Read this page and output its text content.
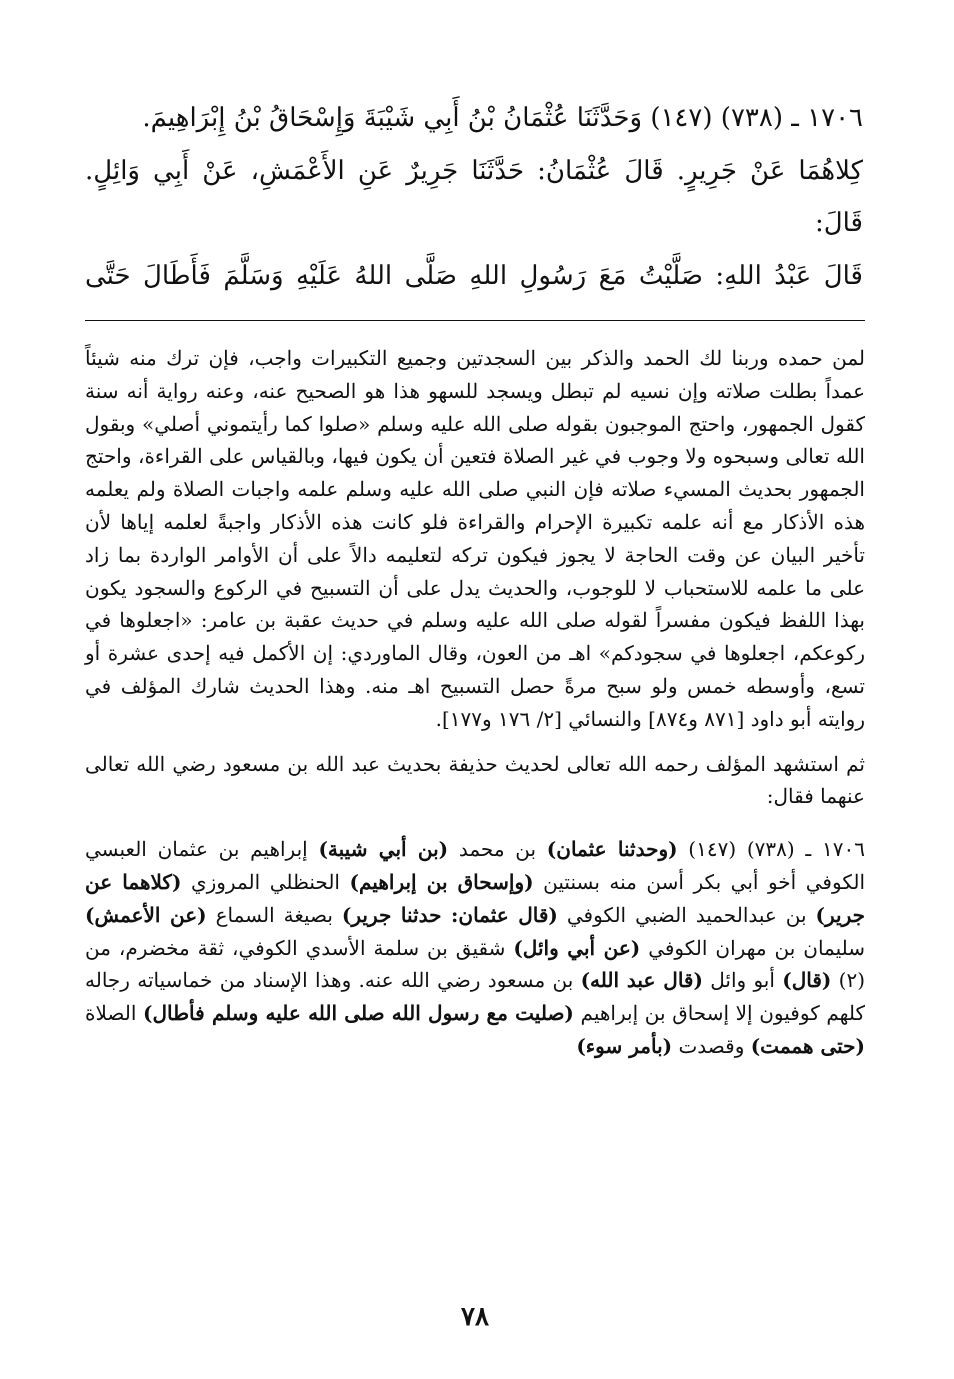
١٧٠٦ ـ (٧٣٨) (١٤٧) وَحَدَّثَنَا عُثْمَانُ بْنُ أَبِي شَيْبَةَ وَإِسْحَاقُ بْنُ إِبْرَاهِيمَ.

كِلاهُمَا عَنْ جَرِيرٍ. قَالَ عُثْمَانُ: حَدَّثَنَا جَرِيرٌ عَنِ الأَعْمَشِ، عَنْ أَبِي وَائِلٍ. قَالَ:

قَالَ عَبْدُ اللهِ: صَلَّيْتُ مَعَ رَسُولِ اللهِ صَلَّى اللهُ عَلَيْهِ وَسَلَّمَ فَأَطَالَ حَتَّى

لمن حمده وربنا لك الحمد والذكر بين السجدتين وجميع التكبيرات واجب، فإن ترك منه شيئاً عمداً بطلت صلاته وإن نسيه لم تبطل ويسجد للسهو هذا هو الصحيح عنه، وعنه رواية أنه سنة كقول الجمهور، واحتج الموجبون بقوله صلى الله عليه وسلم «صلوا كما رأيتموني أصلي» وبقول الله تعالى وسبحوه ولا وجوب في غير الصلاة فتعين أن يكون فيها، وبالقياس على القراءة، واحتج الجمهور بحديث المسيء صلاته فإن النبي صلى الله عليه وسلم علمه واجبات الصلاة ولم يعلمه هذه الأذكار مع أنه علمه تكبيرة الإحرام والقراءة فلو كانت هذه الأذكار واجبةً لعلمه إياها لأن تأخير البيان عن وقت الحاجة لا يجوز فيكون تركه لتعليمه دالاً على أن الأوامر الواردة بما زاد على ما علمه للاستحباب لا للوجوب، والحديث يدل على أن التسبيح في الركوع والسجود يكون بهذا اللفظ فيكون مفسراً لقوله صلى الله عليه وسلم في حديث عقبة بن عامر: «اجعلوها في ركوعكم، اجعلوها في سجودكم» اهـ من العون، وقال الماوردي: إن الأكمل فيه إحدى عشرة أو تسع، وأوسطه خمس ولو سبح مرةً حصل التسبيح اهـ منه. وهذا الحديث شارك المؤلف في روايته أبو داود [٨٧١ و٨٧٤] والنسائي [٢/ ١٧٦ و١٧٧].

ثم استشهد المؤلف رحمه الله تعالى لحديث حذيفة بحديث عبد الله بن مسعود رضي الله تعالى عنهما فقال:

١٧٠٦ ـ (٧٣٨) (١٤٧) (وحدثنا عثمان) بن محمد (بن أبي شيبة) إبراهيم بن عثمان العبسي الكوفي أخو أبي بكر أسن منه بسنتين (وإسحاق بن إبراهيم) الحنظلي المروزي (كلاهما عن جرير) بن عبدالحميد الضبي الكوفي (قال عثمان: حدثنا جرير) بصيغة السماع (عن الأعمش) سليمان بن مهران الكوفي (عن أبي وائل) شقيق بن سلمة الأسدي الكوفي، ثقة مخضرم، من (٢) (قال) أبو وائل (قال عبد الله) بن مسعود رضي الله عنه. وهذا الإسناد من خماسياته رجاله كلهم كوفيون إلا إسحاق بن إبراهيم (صليت مع رسول الله صلى الله عليه وسلم فأطال) الصلاة (حتى هممت) وقصدت (بأمر سوء)

٧٨
